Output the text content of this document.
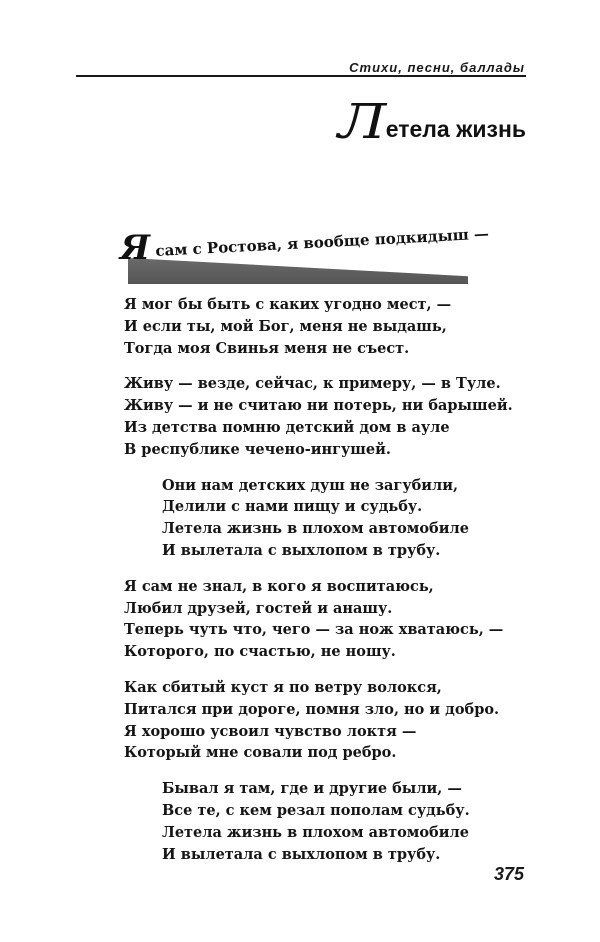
Стихи, песни, баллады
Л етела жизнь
Я сам с Ростова, я вообще подкидыш —
Я мог бы быть с каких угодно мест, —
И если ты, мой Бог, меня не выдашь,
Тогда моя Свинья меня не съест.
Живу — везде, сейчас, к примеру, — в Туле.
Живу — и не считаю ни потерь, ни барышей.
Из детства помню детский дом в ауле
В республике чечено-ингушей.
Они нам детских душ не загубили,
Делили с нами пищу и судьбу.
Летела жизнь в плохом автомобиле
И вылетала с выхлопом в трубу.
Я сам не знал, в кого я воспитаюсь,
Любил друзей, гостей и анашу.
Теперь чуть что, чего — за нож хватаюсь, —
Которого, по счастью, не ношу.
Как сбитый куст я по ветру волокся,
Питался при дороге, помня зло, но и добро.
Я хорошо усвоил чувство локтя —
Который мне совали под ребро.
Бывал я там, где и другие были, —
Все те, с кем резал пополам судьбу.
Летела жизнь в плохом автомобиле
И вылетала с выхлопом в трубу.
375
